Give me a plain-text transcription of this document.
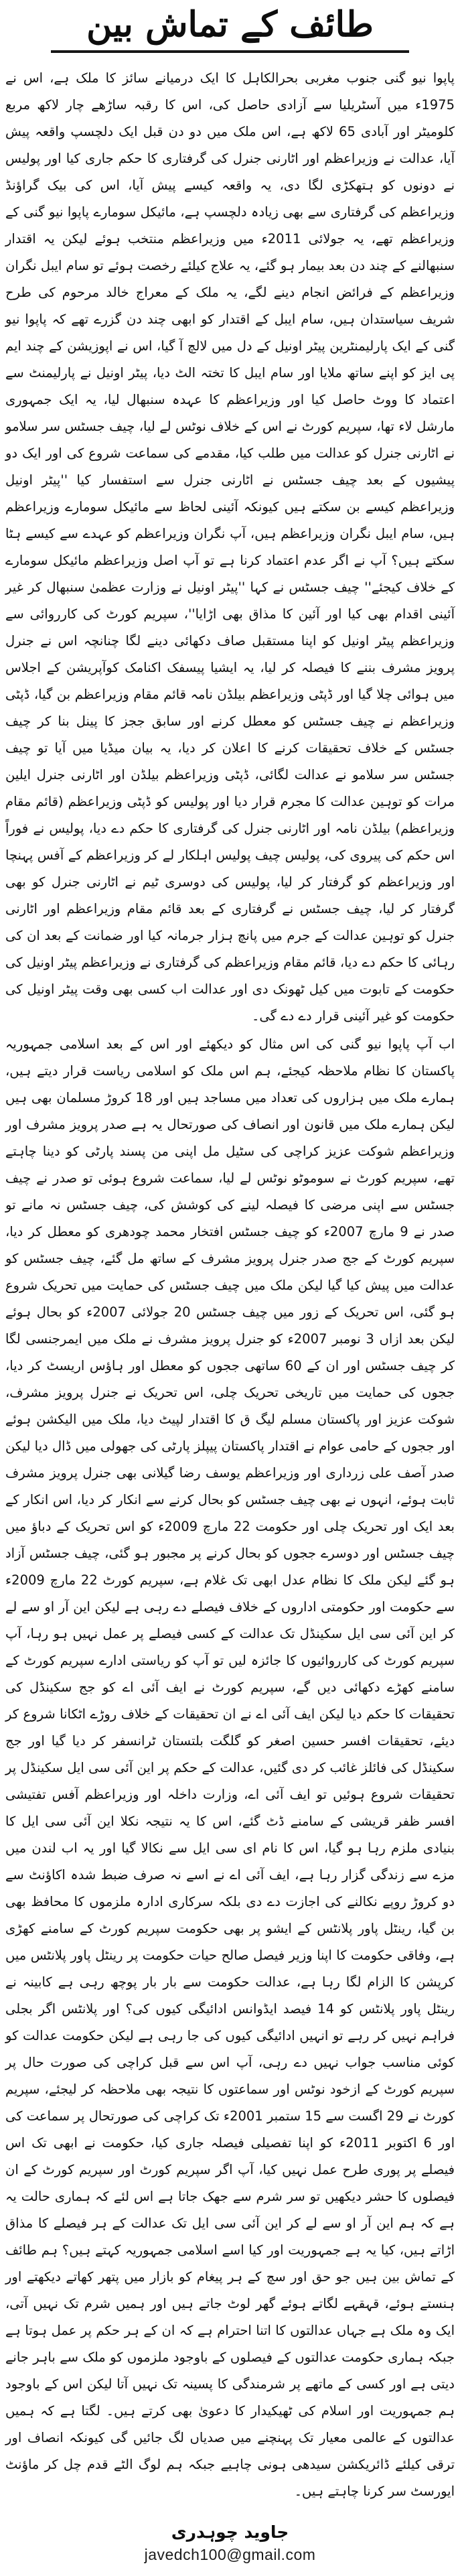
طائف کے تماش بین

پاپوا نیو گنی جنوب مغربی بحرالکاہل کا ایک درمیانے سائز کا ملک ہے، اس نے 1975ء میں آسٹریلیا سے آزادی حاصل کی، اس کا رقبہ ساڑھے چار لاکھ مربع کلومیٹر اور آبادی 65 لاکھ ہے، اس ملک میں دو دن قبل ایک دلچسپ واقعہ پیش آیا، عدالت نے وزیراعظم اور اٹارنی جنرل کی گرفتاری کا حکم جاری کیا اور پولیس نے دونوں کو ہتھکڑی لگا دی، یہ واقعہ کیسے پیش آیا، اس کی بیک گراؤنڈ وزیراعظم کی گرفتاری سے بھی زیادہ دلچسپ ہے، مائیکل سومارے پاپوا نیو گنی کے وزیراعظم تھے، یہ جولائی 2011ء میں وزیراعظم منتخب ہوئے لیکن یہ اقتدار سنبھالنے کے چند دن بعد بیمار ہو گئے، یہ علاج کیلئے رخصت ہوئے تو سام ایبل نگران وزیراعظم کے فرائض انجام دینے لگے، یہ ملک کے معراج خالد مرحوم کی طرح شریف سیاستدان ہیں، سام ایبل کے اقتدار کو ابھی چند دن گزرے تھے کہ پاپوا نیو گنی کے ایک پارلیمنٹرین پیٹر اونیل کے دل میں لالچ آ گیا، اس نے اپوزیشن کے چند ایم پی ایز کو اپنے ساتھ ملایا اور سام ایبل کا تختہ الٹ دیا، پیٹر اونیل نے پارلیمنٹ سے اعتماد کا ووٹ حاصل کیا اور وزیراعظم کا عہدہ سنبھال لیا، یہ ایک جمہوری مارشل لاء تھا، سپریم کورٹ نے اس کے خلاف نوٹس لے لیا، چیف جسٹس سر سلامو نے اٹارنی جنرل کو عدالت میں طلب کیا، مقدمے کی سماعت شروع کی اور ایک دو پیشیوں کے بعد چیف جسٹس نے اٹارنی جنرل سے استفسار کیا ''پیٹر اونیل وزیراعظم کیسے بن سکتے ہیں کیونکہ آئینی لحاظ سے مائیکل سومارے وزیراعظم ہیں، سام ایبل نگران وزیراعظم ہیں، آپ نگران وزیراعظم کو عہدے سے کیسے ہٹا سکتے ہیں؟ آپ نے اگر عدم اعتماد کرنا ہے تو آپ اصل وزیراعظم مائیکل سومارے کے خلاف کیجئے'' چیف جسٹس نے کہا ''پیٹر اونیل نے وزارت عظمیٰ سنبھال کر غیر آئینی اقدام بھی کیا اور آئین کا مذاق بھی اڑایا''، سپریم کورٹ کی کارروائی سے وزیراعظم پیٹر اونیل کو اپنا مستقبل صاف دکھائی دینے لگا چنانچہ اس نے جنرل پرویز مشرف بننے کا فیصلہ کر لیا، یہ ایشیا پیسفک اکنامک کوآپریشن کے اجلاس میں ہوائی چلا گیا اور ڈپٹی وزیراعظم بیلڈن نامہ قائم مقام وزیراعظم بن گیا، ڈپٹی وزیراعظم نے چیف جسٹس کو معطل کرنے اور سابق ججز کا پینل بنا کر چیف جسٹس کے خلاف تحقیقات کرنے کا اعلان کر دیا، یہ بیان میڈیا میں آیا تو چیف جسٹس سر سلامو نے عدالت لگائی، ڈپٹی وزیراعظم بیلڈن اور اٹارنی جنرل ایلین مرات کو توہین عدالت کا مجرم قرار دیا اور پولیس کو ڈپٹی وزیراعظم (قائم مقام وزیراعظم) بیلڈن نامہ اور اٹارنی جنرل کی گرفتاری کا حکم دے دیا، پولیس نے فوراً اس حکم کی پیروی کی، پولیس چیف پولیس اہلکار لے کر وزیراعظم کے آفس پہنچا اور وزیراعظم کو گرفتار کر لیا، پولیس کی دوسری ٹیم نے اٹارنی جنرل کو بھی گرفتار کر لیا، چیف جسٹس نے گرفتاری کے بعد قائم مقام وزیراعظم اور اٹارنی جنرل کو توہین عدالت کے جرم میں پانچ ہزار جرمانہ کیا اور ضمانت کے بعد ان کی رہائی کا حکم دے دیا، قائم مقام وزیراعظم کی گرفتاری نے وزیراعظم پیٹر اونیل کی حکومت کے تابوت میں کیل ٹھونک دی اور عدالت اب کسی بھی وقت پیٹر اونیل کی حکومت کو غیر آئینی قرار دے دے گی۔

اب آپ پاپوا نیو گنی کی اس مثال کو دیکھئے اور اس کے بعد اسلامی جمہوریہ پاکستان کا نظام ملاحظہ کیجئے، ہم اس ملک کو اسلامی ریاست قرار دیتے ہیں، ہمارے ملک میں ہزاروں کی تعداد میں مساجد ہیں اور 18 کروڑ مسلمان بھی ہیں لیکن ہمارے ملک میں قانون اور انصاف کی صورتحال یہ ہے صدر پرویز مشرف اور وزیراعظم شوکت عزیز کراچی کی سٹیل مل اپنی من پسند پارٹی کو دینا چاہتے تھے، سپریم کورٹ نے سوموٹو نوٹس لے لیا، سماعت شروع ہوئی تو صدر نے چیف جسٹس سے اپنی مرضی کا فیصلہ لینے کی کوشش کی، چیف جسٹس نہ مانے تو صدر نے 9 مارچ 2007ء کو چیف جسٹس افتخار محمد چودھری کو معطل کر دیا، سپریم کورٹ کے جج صدر جنرل پرویز مشرف کے ساتھ مل گئے، چیف جسٹس کو عدالت میں پیش کیا گیا لیکن ملک میں چیف جسٹس کی حمایت میں تحریک شروع ہو گئی، اس تحریک کے زور میں چیف جسٹس 20 جولائی 2007ء کو بحال ہوئے لیکن بعد ازاں 3 نومبر 2007ء کو جنرل پرویز مشرف نے ملک میں ایمرجنسی لگا کر چیف جسٹس اور ان کے 60 ساتھی ججوں کو معطل اور ہاؤس اریسٹ کر دیا، ججوں کی حمایت میں تاریخی تحریک چلی، اس تحریک نے جنرل پرویز مشرف، شوکت عزیز اور پاکستان مسلم لیگ ق کا اقتدار لپیٹ دیا، ملک میں الیکشن ہوئے اور ججوں کے حامی عوام نے اقتدار پاکستان پیپلز پارٹی کی جھولی میں ڈال دیا لیکن صدر آصف علی زرداری اور وزیراعظم یوسف رضا گیلانی بھی جنرل پرویز مشرف ثابت ہوئے، انہوں نے بھی چیف جسٹس کو بحال کرنے سے انکار کر دیا، اس انکار کے بعد ایک اور تحریک چلی اور حکومت 22 مارچ 2009ء کو اس تحریک کے دباؤ میں چیف جسٹس اور دوسرے ججوں کو بحال کرنے پر مجبور ہو گئی، چیف جسٹس آزاد ہو گئے لیکن ملک کا نظام عدل ابھی تک غلام ہے، سپریم کورٹ 22 مارچ 2009ء سے حکومت اور حکومتی اداروں کے خلاف فیصلے دے رہی ہے لیکن این آر او سے لے کر این آئی سی ایل سکینڈل تک عدالت کے کسی فیصلے پر عمل نہیں ہو رہا، آپ سپریم کورٹ کی کارروائیوں کا جائزہ لیں تو آپ کو ریاستی ادارے سپریم کورٹ کے سامنے کھڑے دکھائی دیں گے، سپریم کورٹ نے ایف آئی اے کو جج سکینڈل کی تحقیقات کا حکم دیا لیکن ایف آئی اے نے ان تحقیقات کے خلاف روڑے اٹکانا شروع کر دیئے، تحقیقات افسر حسین اصغر کو گلگت بلتستان ٹرانسفر کر دیا گیا اور جج سکینڈل کی فائلز غائب کر دی گئیں، عدالت کے حکم پر این آئی سی ایل سکینڈل پر تحقیقات شروع ہوئیں تو ایف آئی اے، وزارت داخلہ اور وزیراعظم آفس تفتیشی افسر ظفر قریشی کے سامنے ڈٹ گئے، اس کا یہ نتیجہ نکلا این آئی سی ایل کا بنیادی ملزم رہا ہو گیا، اس کا نام ای سی ایل سے نکالا گیا اور یہ اب لندن میں مزے سے زندگی گزار رہا ہے، ایف آئی اے نے اسے نہ صرف ضبط شدہ اکاؤنٹ سے دو کروڑ روپے نکالنے کی اجازت دے دی بلکہ سرکاری ادارہ ملزموں کا محافظ بھی بن گیا، رینٹل پاور پلانٹس کے ایشو پر بھی حکومت سپریم کورٹ کے سامنے کھڑی ہے، وفاقی حکومت کا اپنا وزیر فیصل صالح حیات حکومت پر رینٹل پاور پلانٹس میں کرپشن کا الزام لگا رہا ہے، عدالت حکومت سے بار بار پوچھ رہی ہے کابینہ نے رینٹل پاور پلانٹس کو 14 فیصد ایڈوانس ادائیگی کیوں کی؟ اور پلانٹس اگر بجلی فراہم نہیں کر رہے تو انہیں ادائیگی کیوں کی جا رہی ہے لیکن حکومت عدالت کو کوئی مناسب جواب نہیں دے رہی، آپ اس سے قبل کراچی کی صورت حال پر سپریم کورٹ کے ازخود نوٹس اور سماعتوں کا نتیجہ بھی ملاحظہ کر لیجئے، سپریم کورٹ نے 29 اگست سے 15 ستمبر 2001ء تک کراچی کی صورتحال پر سماعت کی اور 6 اکتوبر 2011ء کو اپنا تفصیلی فیصلہ جاری کیا، حکومت نے ابھی تک اس فیصلے پر پوری طرح عمل نہیں کیا، آپ اگر سپریم کورٹ اور سپریم کورٹ کے ان فیصلوں کا حشر دیکھیں تو سر شرم سے جھک جاتا ہے اس لئے کہ ہماری حالت یہ ہے کہ ہم این آر او سے لے کر این آئی سی ایل تک عدالت کے ہر فیصلے کا مذاق اڑاتے ہیں، کیا یہ ہے جمہوریت اور کیا اسے اسلامی جمہوریہ کہتے ہیں؟ ہم طائف کے تماش بین ہیں جو حق اور سچ کے ہر پیغام کو بازار میں پتھر کھاتے دیکھتے اور ہنستے ہوئے، قہقہے لگاتے ہوئے گھر لوٹ جاتے ہیں اور ہمیں شرم تک نہیں آتی، ایک وہ ملک ہے جہاں عدالتوں کا اتنا احترام ہے کہ ان کے ہر حکم پر عمل ہوتا ہے جبکہ ہماری حکومت عدالتوں کے فیصلوں کے باوجود ملزموں کو ملک سے باہر جانے دیتی ہے اور کسی کے ماتھے پر شرمندگی کا پسینہ تک نہیں آتا لیکن اس کے باوجود ہم جمہوریت اور اسلام کی ٹھیکیدار کا دعویٰ بھی کرتے ہیں۔ لگتا ہے کہ ہمیں عدالتوں کے عالمی معیار تک پہنچنے میں صدیاں لگ جائیں گی کیونکہ انصاف اور ترقی کیلئے ڈائریکشن سیدھی ہونی چاہیے جبکہ ہم لوگ الٹے قدم چل کر ماؤنٹ ایورسٹ سر کرنا چاہتے ہیں۔

جاوید چوہدری
javedch100@gmail.com
